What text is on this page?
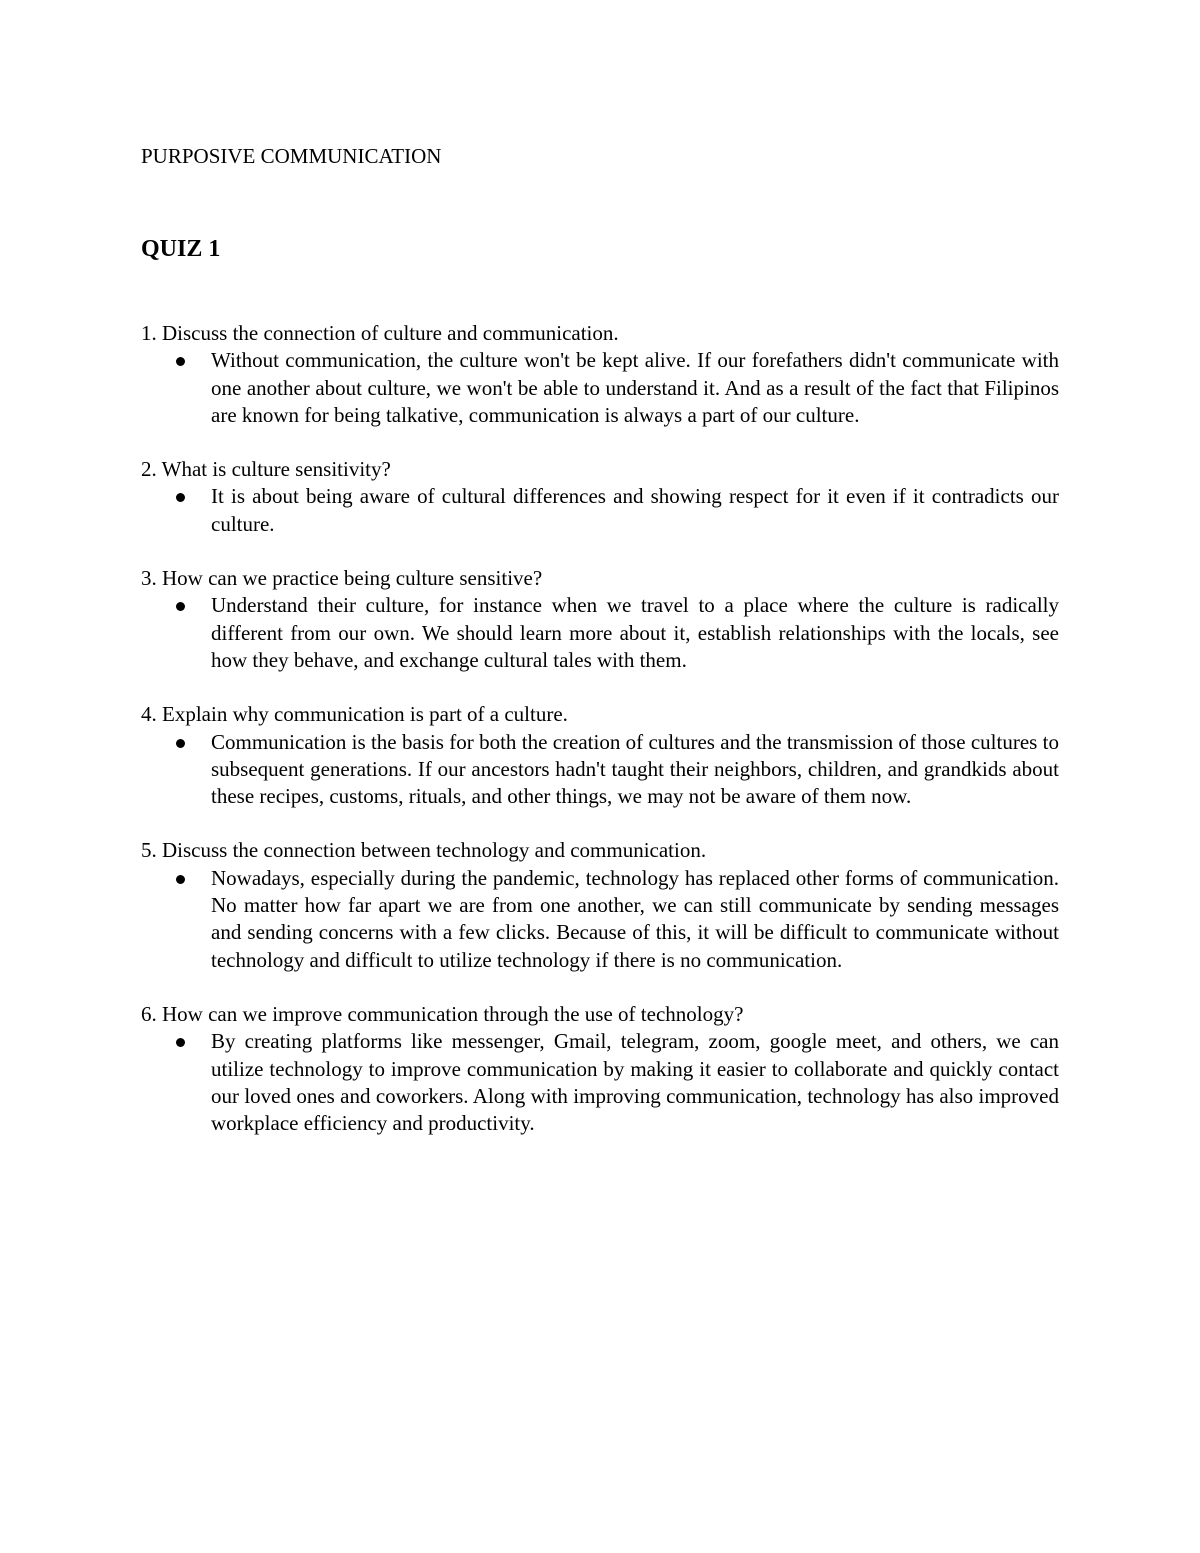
PURPOSIVE COMMUNICATION
QUIZ 1
1. Discuss the connection of culture and communication.
Without communication, the culture won't be kept alive. If our forefathers didn't communicate with one another about culture, we won't be able to understand it. And as a result of the fact that Filipinos are known for being talkative, communication is always a part of our culture.
2. What is culture sensitivity?
It is about being aware of cultural differences and showing respect for it even if it contradicts our culture.
3. How can we practice being culture sensitive?
Understand their culture, for instance when we travel to a place where the culture is radically different from our own. We should learn more about it, establish relationships with the locals, see how they behave, and exchange cultural tales with them.
4. Explain why communication is part of a culture.
Communication is the basis for both the creation of cultures and the transmission of those cultures to subsequent generations. If our ancestors hadn't taught their neighbors, children, and grandkids about these recipes, customs, rituals, and other things, we may not be aware of them now.
5. Discuss the connection between technology and communication.
Nowadays, especially during the pandemic, technology has replaced other forms of communication. No matter how far apart we are from one another, we can still communicate by sending messages and sending concerns with a few clicks. Because of this, it will be difficult to communicate without technology and difficult to utilize technology if there is no communication.
6. How can we improve communication through the use of technology?
By creating platforms like messenger, Gmail, telegram, zoom, google meet, and others, we can utilize technology to improve communication by making it easier to collaborate and quickly contact our loved ones and coworkers. Along with improving communication, technology has also improved workplace efficiency and productivity.
